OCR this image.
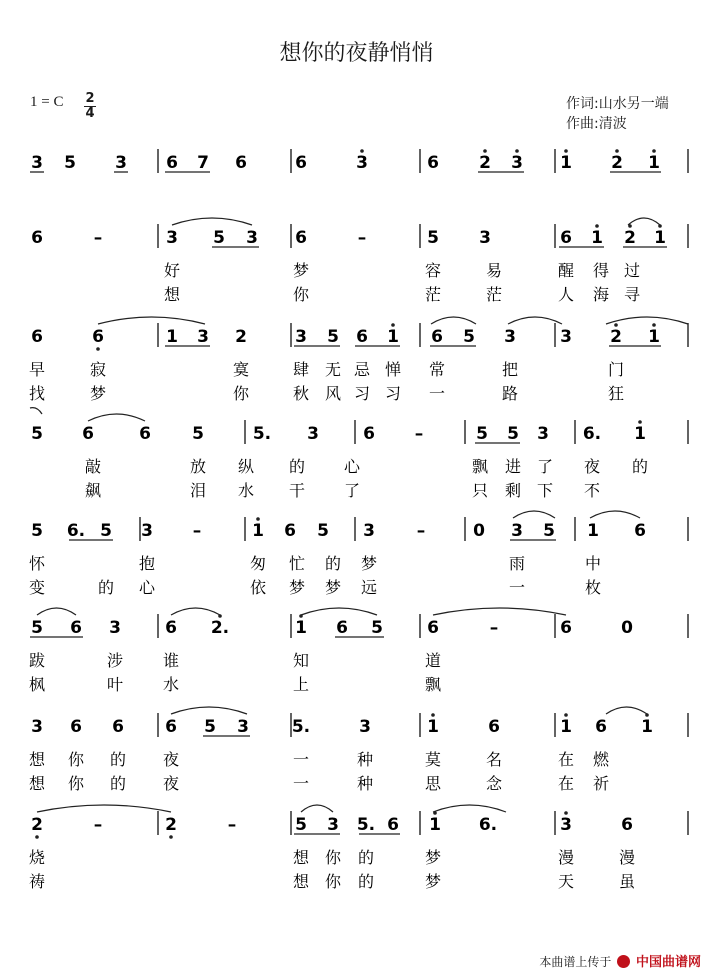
想你的夜静悄悄
1 = C 2
4
作词:山水另一端
作曲:清波
3 5 3 6 7 6	6	3	6 2 3 1 2 1
6	–	3 5 3 6	–	5 3	6 1 2 1
好	梦	容	易	醒 得 过
想	你	茫	茫	人 海 寻
6	6	1 3 2	3 5 6 1 6 5 3	3 2 1
早	寂	寞	肆 无 忌 惮 常	把	门
找	梦	你	秋 风 习 习 一	路	狂
5 6	6 5	5. 3	6 –	5 5 3 6. 1
敲	放 纵 的 心	飘 进 了 夜 的
飙	泪 水 干 了	只 剩 下 不
5 6. 5 3 –	1 6 5 3 –	0 3 5 1 6
怀	抱	匆 忙 的 梦	雨	中
变	的 心	依 梦 梦 远	一	枚
5 6 3	6 2.	1 6 5	6	–	6	0
跋	涉 谁	知	道
枫	叶 水	上	飘
3 6 6 6 5 3	5.	3	1	6	1 6 1
想 你 的 夜	一	种	莫	名	在 燃
想 你 的 夜	一	种	思	念	在 祈
2	–	2	–	5 3 5. 6 1 6.	3	6
烧	想 你 的	梦	漫	漫
祷	想 你 的	梦	天	虽
本曲谱上传于 中国曲谱网
